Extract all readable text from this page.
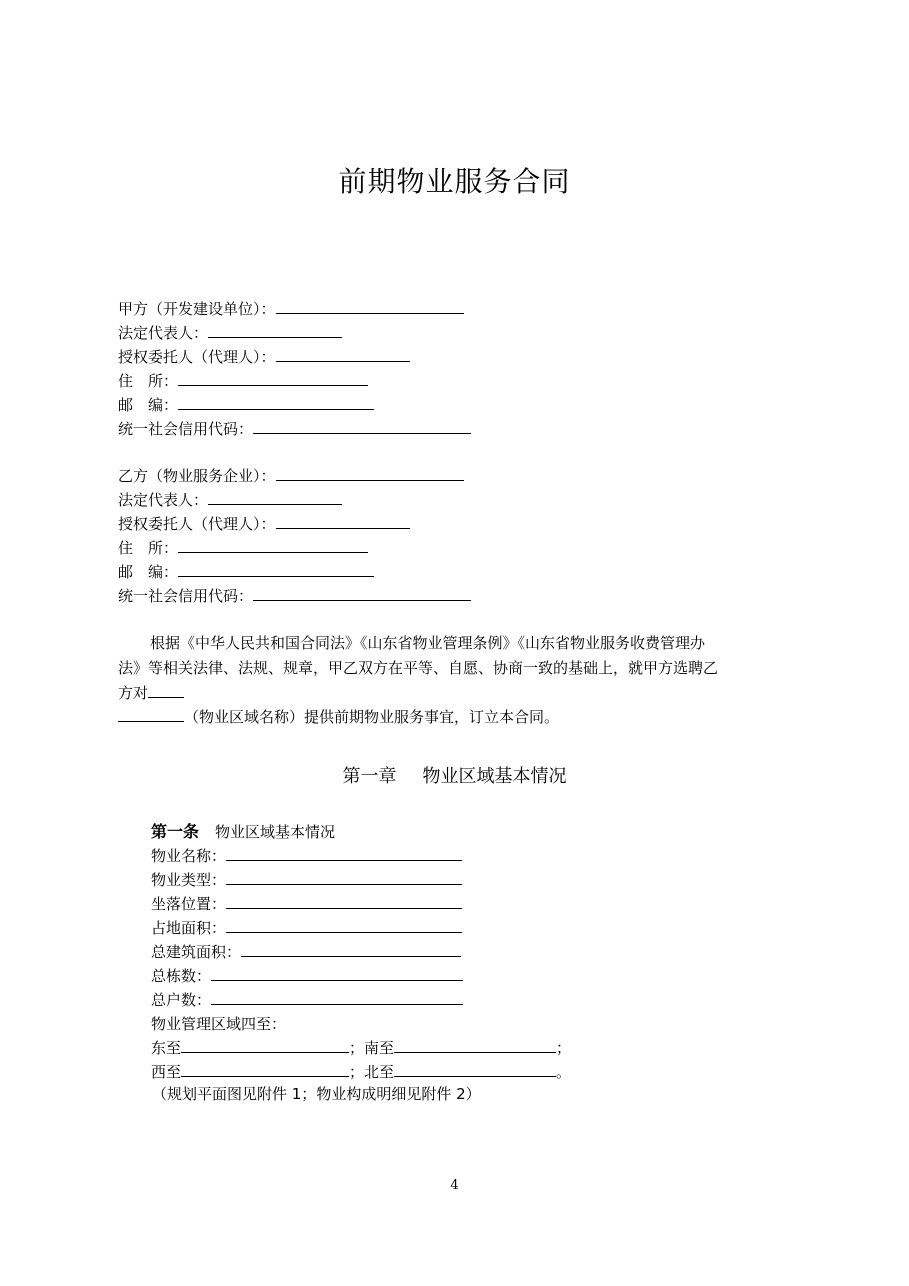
前期物业服务合同
甲方（开发建设单位）：
法定代表人：
授权委托人（代理人）：
住　所：
邮　编：
统一社会信用代码：
乙方（物业服务企业）：
法定代表人：
授权委托人（代理人）：
住　所：
邮　编：
统一社会信用代码：
根据《中华人民共和国合同法》《山东省物业管理条例》《山东省物业服务收费管理办
法》等相关法律、法规、规章，甲乙双方在平等、自愿、协商一致的基础上，就甲方选聘乙
方对
（物业区域名称）提供前期物业服务事宜，订立本合同。
第一章 物业区域基本情况
第一条 物业区域基本情况
物业名称：
物业类型：
坐落位置：
占地面积：
总建筑面积：
总栋数：
总户数：
物业管理区域四至：
东至	；南至	；
西至	；北至	。
（规划平面图见附件 1；物业构成明细见附件 2）
4
